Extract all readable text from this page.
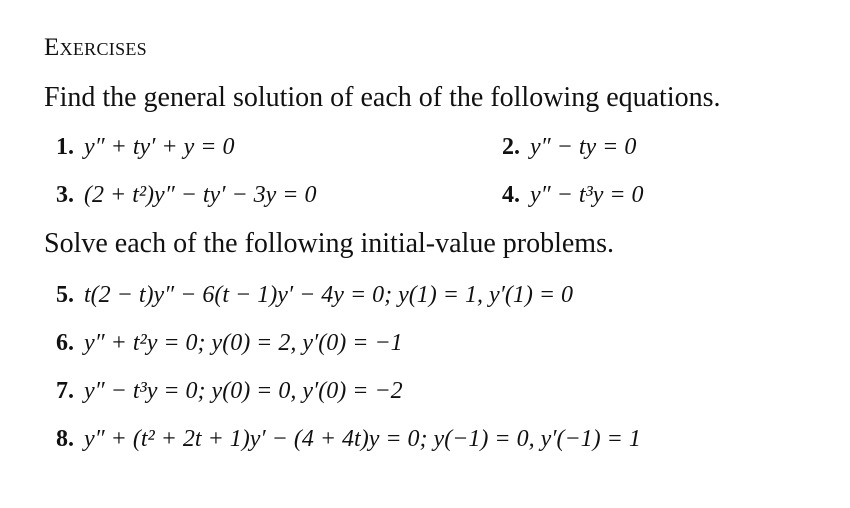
Exercises
Find the general solution of each of the following equations.
1. y″ + ty′ + y = 0	2. y″ − ty = 0
3. (2 + t²)y″ − ty′ − 3y = 0	4. y″ − t³y = 0
Solve each of the following initial-value problems.
5. t(2 − t)y″ − 6(t − 1)y′ − 4y = 0; y(1) = 1, y′(1) = 0
6. y″ + t²y = 0; y(0) = 2, y′(0) = −1
7. y″ − t³y = 0; y(0) = 0, y′(0) = −2
8. y″ + (t² + 2t + 1)y′ − (4 + 4t)y = 0; y(−1) = 0, y′(−1) = 1
